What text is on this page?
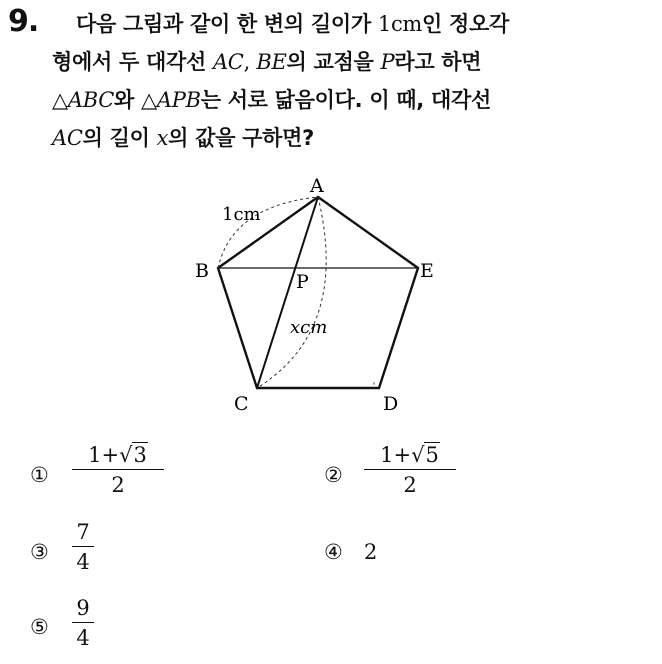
9. 다음 그림과 같이 한 변의 길이가 1cm인 정오각
형에서 두 대각선 AC, BE의 교점을 P라고 하면
△ABC와 △APB는 서로 닮음이다. 이 때, 대각선
AC의 길이 x의 값을 구하면?
∘
A
B
C	D
E
P
1cm
xcm
①
1+√3
2	②
1+√5
2
③
7
4	④ 2
⑤
9
4
